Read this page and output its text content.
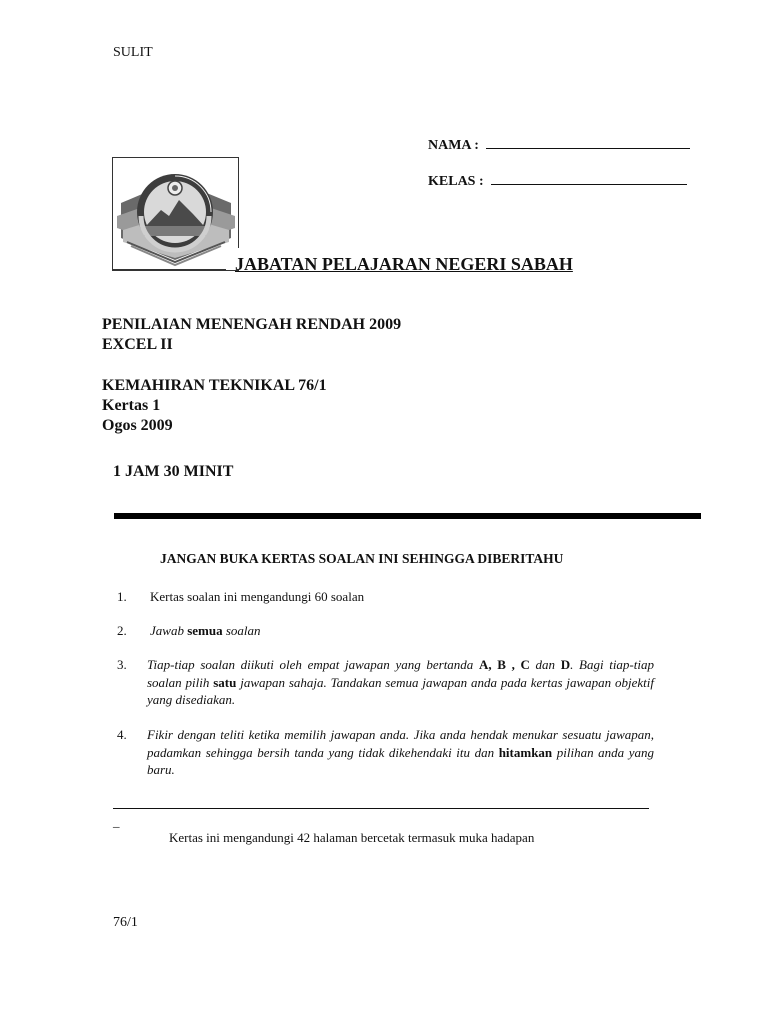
SULIT
NAMA :
KELAS :
JABATAN PELAJARAN NEGERI SABAH
PENILAIAN MENENGAH RENDAH 2009
EXCEL II
KEMAHIRAN TEKNIKAL 76/1
Kertas 1
Ogos 2009
1 JAM 30 MINIT
JANGAN BUKA KERTAS SOALAN INI SEHINGGA DIBERITAHU
1. Kertas soalan ini mengandungi 60 soalan
2. Jawab semua soalan
3. Tiap-tiap soalan diikuti oleh empat jawapan yang bertanda A, B , C dan D. Bagi tiap-tiap soalan pilih satu jawapan sahaja. Tandakan semua jawapan anda pada kertas jawapan objektif yang disediakan.
4. Fikir dengan teliti ketika memilih jawapan anda. Jika anda hendak menukar sesuatu jawapan, padamkan sehingga bersih tanda yang tidak dikehendaki itu dan hitamkan pilihan anda yang baru.
_
Kertas ini mengandungi 42 halaman bercetak termasuk muka hadapan
76/1
